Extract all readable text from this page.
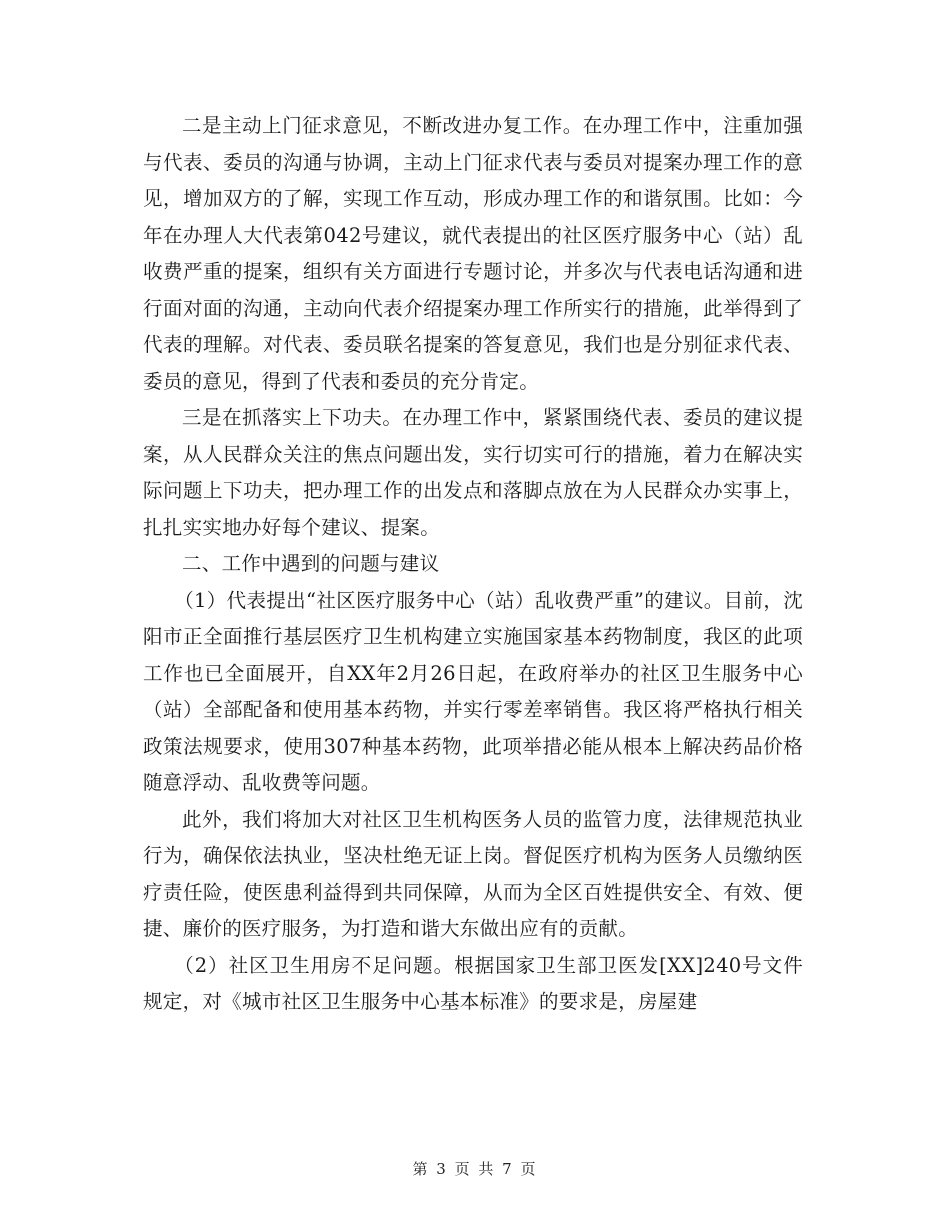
二是主动上门征求意见，不断改进办复工作。在办理工作中，注重加强与代表、委员的沟通与协调，主动上门征求代表与委员对提案办理工作的意见，增加双方的了解，实现工作互动，形成办理工作的和谐氛围。比如：今年在办理人大代表第042号建议，就代表提出的社区医疗服务中心（站）乱收费严重的提案，组织有关方面进行专题讨论，并多次与代表电话沟通和进行面对面的沟通，主动向代表介绍提案办理工作所实行的措施，此举得到了代表的理解。对代表、委员联名提案的答复意见，我们也是分别征求代表、委员的意见，得到了代表和委员的充分肯定。

三是在抓落实上下功夫。在办理工作中，紧紧围绕代表、委员的建议提案，从人民群众关注的焦点问题出发，实行切实可行的措施，着力在解决实际问题上下功夫，把办理工作的出发点和落脚点放在为人民群众办实事上，扎扎实实地办好每个建议、提案。

二、工作中遇到的问题与建议

（1）代表提出“社区医疗服务中心（站）乱收费严重”的建议。目前，沈阳市正全面推行基层医疗卫生机构建立实施国家基本药物制度，我区的此项工作也已全面展开，自XX年2月26日起，在政府举办的社区卫生服务中心（站）全部配备和使用基本药物，并实行零差率销售。我区将严格执行相关政策法规要求，使用307种基本药物，此项举措必能从根本上解决药品价格随意浮动、乱收费等问题。

此外，我们将加大对社区卫生机构医务人员的监管力度，法律规范执业行为，确保依法执业，坚决杜绝无证上岗。督促医疗机构为医务人员缴纳医疗责任险，使医患利益得到共同保障，从而为全区百姓提供安全、有效、便捷、廉价的医疗服务，为打造和谐大东做出应有的贡献。

（2）社区卫生用房不足问题。根据国家卫生部卫医发[XX]240号文件规定，对《城市社区卫生服务中心基本标准》的要求是，房屋建

第 3 页 共 7 页
